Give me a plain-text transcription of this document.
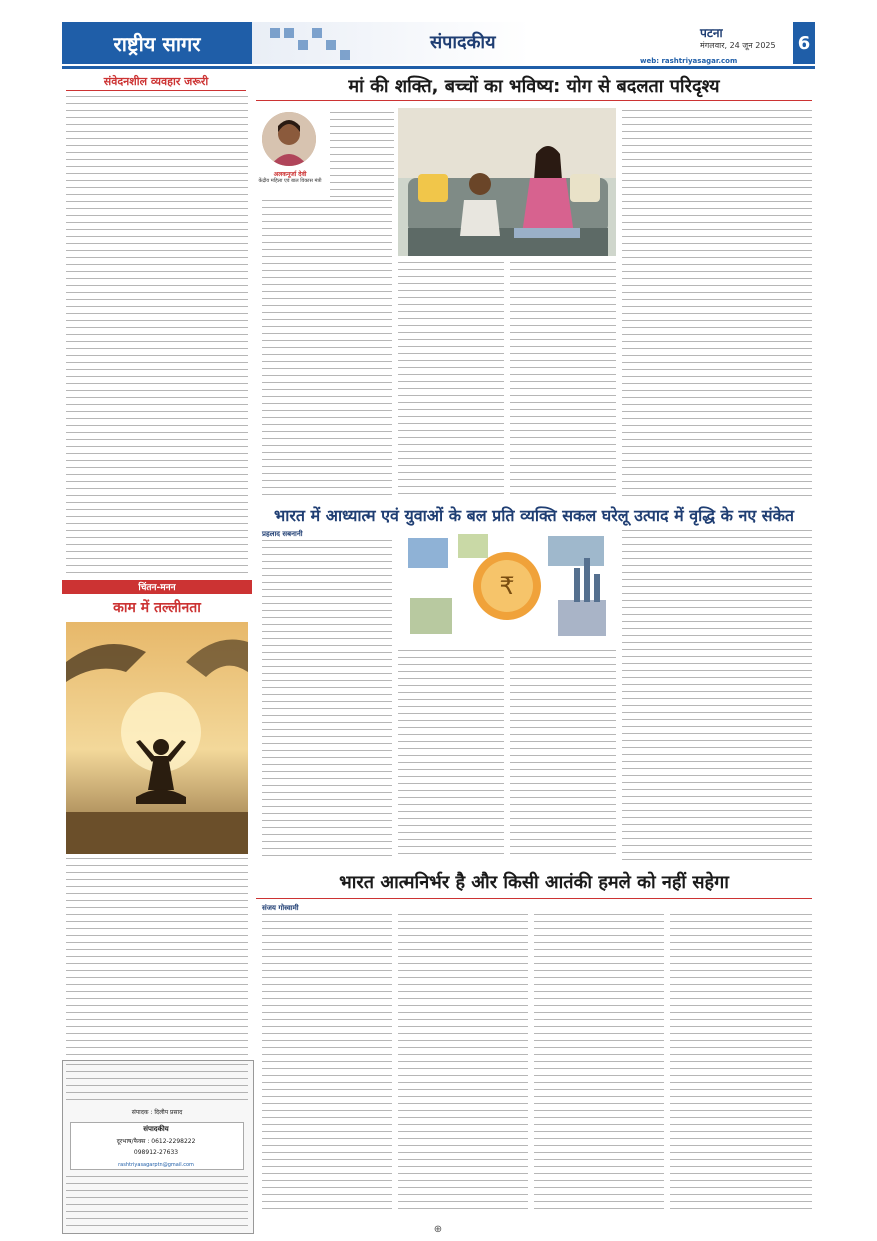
राष्ट्रीय सागर	संपादकीय	पटना
मंगलवार, 24 जून 2025 6
web: rashtriyasagar.com
संवेदनशील व्यवहार जरूरी
चिंतन-मनन
काम में तल्लीनता
संपादक : दिलीप प्रसाद
संपादकीय
दूरभाष/फैक्स : 0612-2298222
098912-27633
rashtriyasagarptn@gmail.com
मां की शक्ति, बच्चों का भविष्य: योग से बदलता परिदृश्य
अलकनूर्जा देवी
केंद्रीय महिला एवं बाल विकास मंत्री
भारत में आध्यात्म एवं युवाओं के बल प्रति व्यक्ति सकल घरेलू उत्पाद में वृद्धि के नए संकेत
प्रहलाद सबनानी
₹
भारत आत्मनिर्भर है और किसी आतंकी हमले को नहीं सहेगा
संजय गोस्वामी
⊕
